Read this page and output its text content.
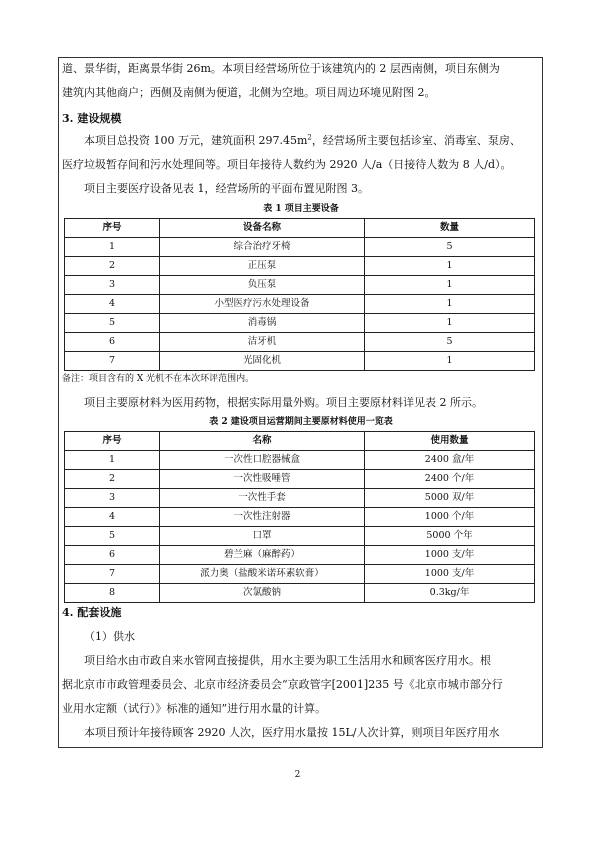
道、景华街，距离景华街 26m。本项目经营场所位于该建筑内的 2 层西南侧，项目东侧为

建筑内其他商户；西侧及南侧为便道，北侧为空地。项目周边环境见附图 2。

3. 建设规模

本项目总投资 100 万元，建筑面积 $297.45m^2$，经营场所主要包括诊室、消毒室、泵房、

医疗垃圾暂存间和污水处理间等。项目年接待人数约为 2920 人/a（日接待人数为 8 人/d）。

项目主要医疗设备见表 1，经营场所的平面布置见附图 3。

表 1 项目主要设备
序号	设备名称	数量
1	综合治疗牙椅	5
2	正压泵	1
3	负压泵	1
4	小型医疗污水处理设备	1
5	消毒锅	1
6	洁牙机	5
7	光固化机	1
备注：项目含有的 X 光机不在本次环评范围内。

项目主要原材料为医用药物，根据实际用量外购。项目主要原材料详见表 2 所示。

表 2 建设项目运营期间主要原材料使用一览表
序号	名称	使用数量
1	一次性口腔器械盒	2400 盒/年
2	一次性吸唾管	2400 个/年
3	一次性手套	5000 双/年
4	一次性注射器	1000 个/年
5	口罩	5000 个年
6	碧兰麻（麻醉药）	1000 支/年
7	派力奥（盐酸米诺环素软膏）	1000 支/年
8	次氯酸钠	0.3kg/年

4. 配套设施

（1）供水

项目给水由市政自来水管网直接提供，用水主要为职工生活用水和顾客医疗用水。根

据北京市市政管理委员会、北京市经济委员会“京政管字[2001]235 号《北京市城市部分行

业用水定额（试行）》标准的通知”进行用水量的计算。

本项目预计年接待顾客 2920 人次，医疗用水量按 15L/人次计算，则项目年医疗用水

2
